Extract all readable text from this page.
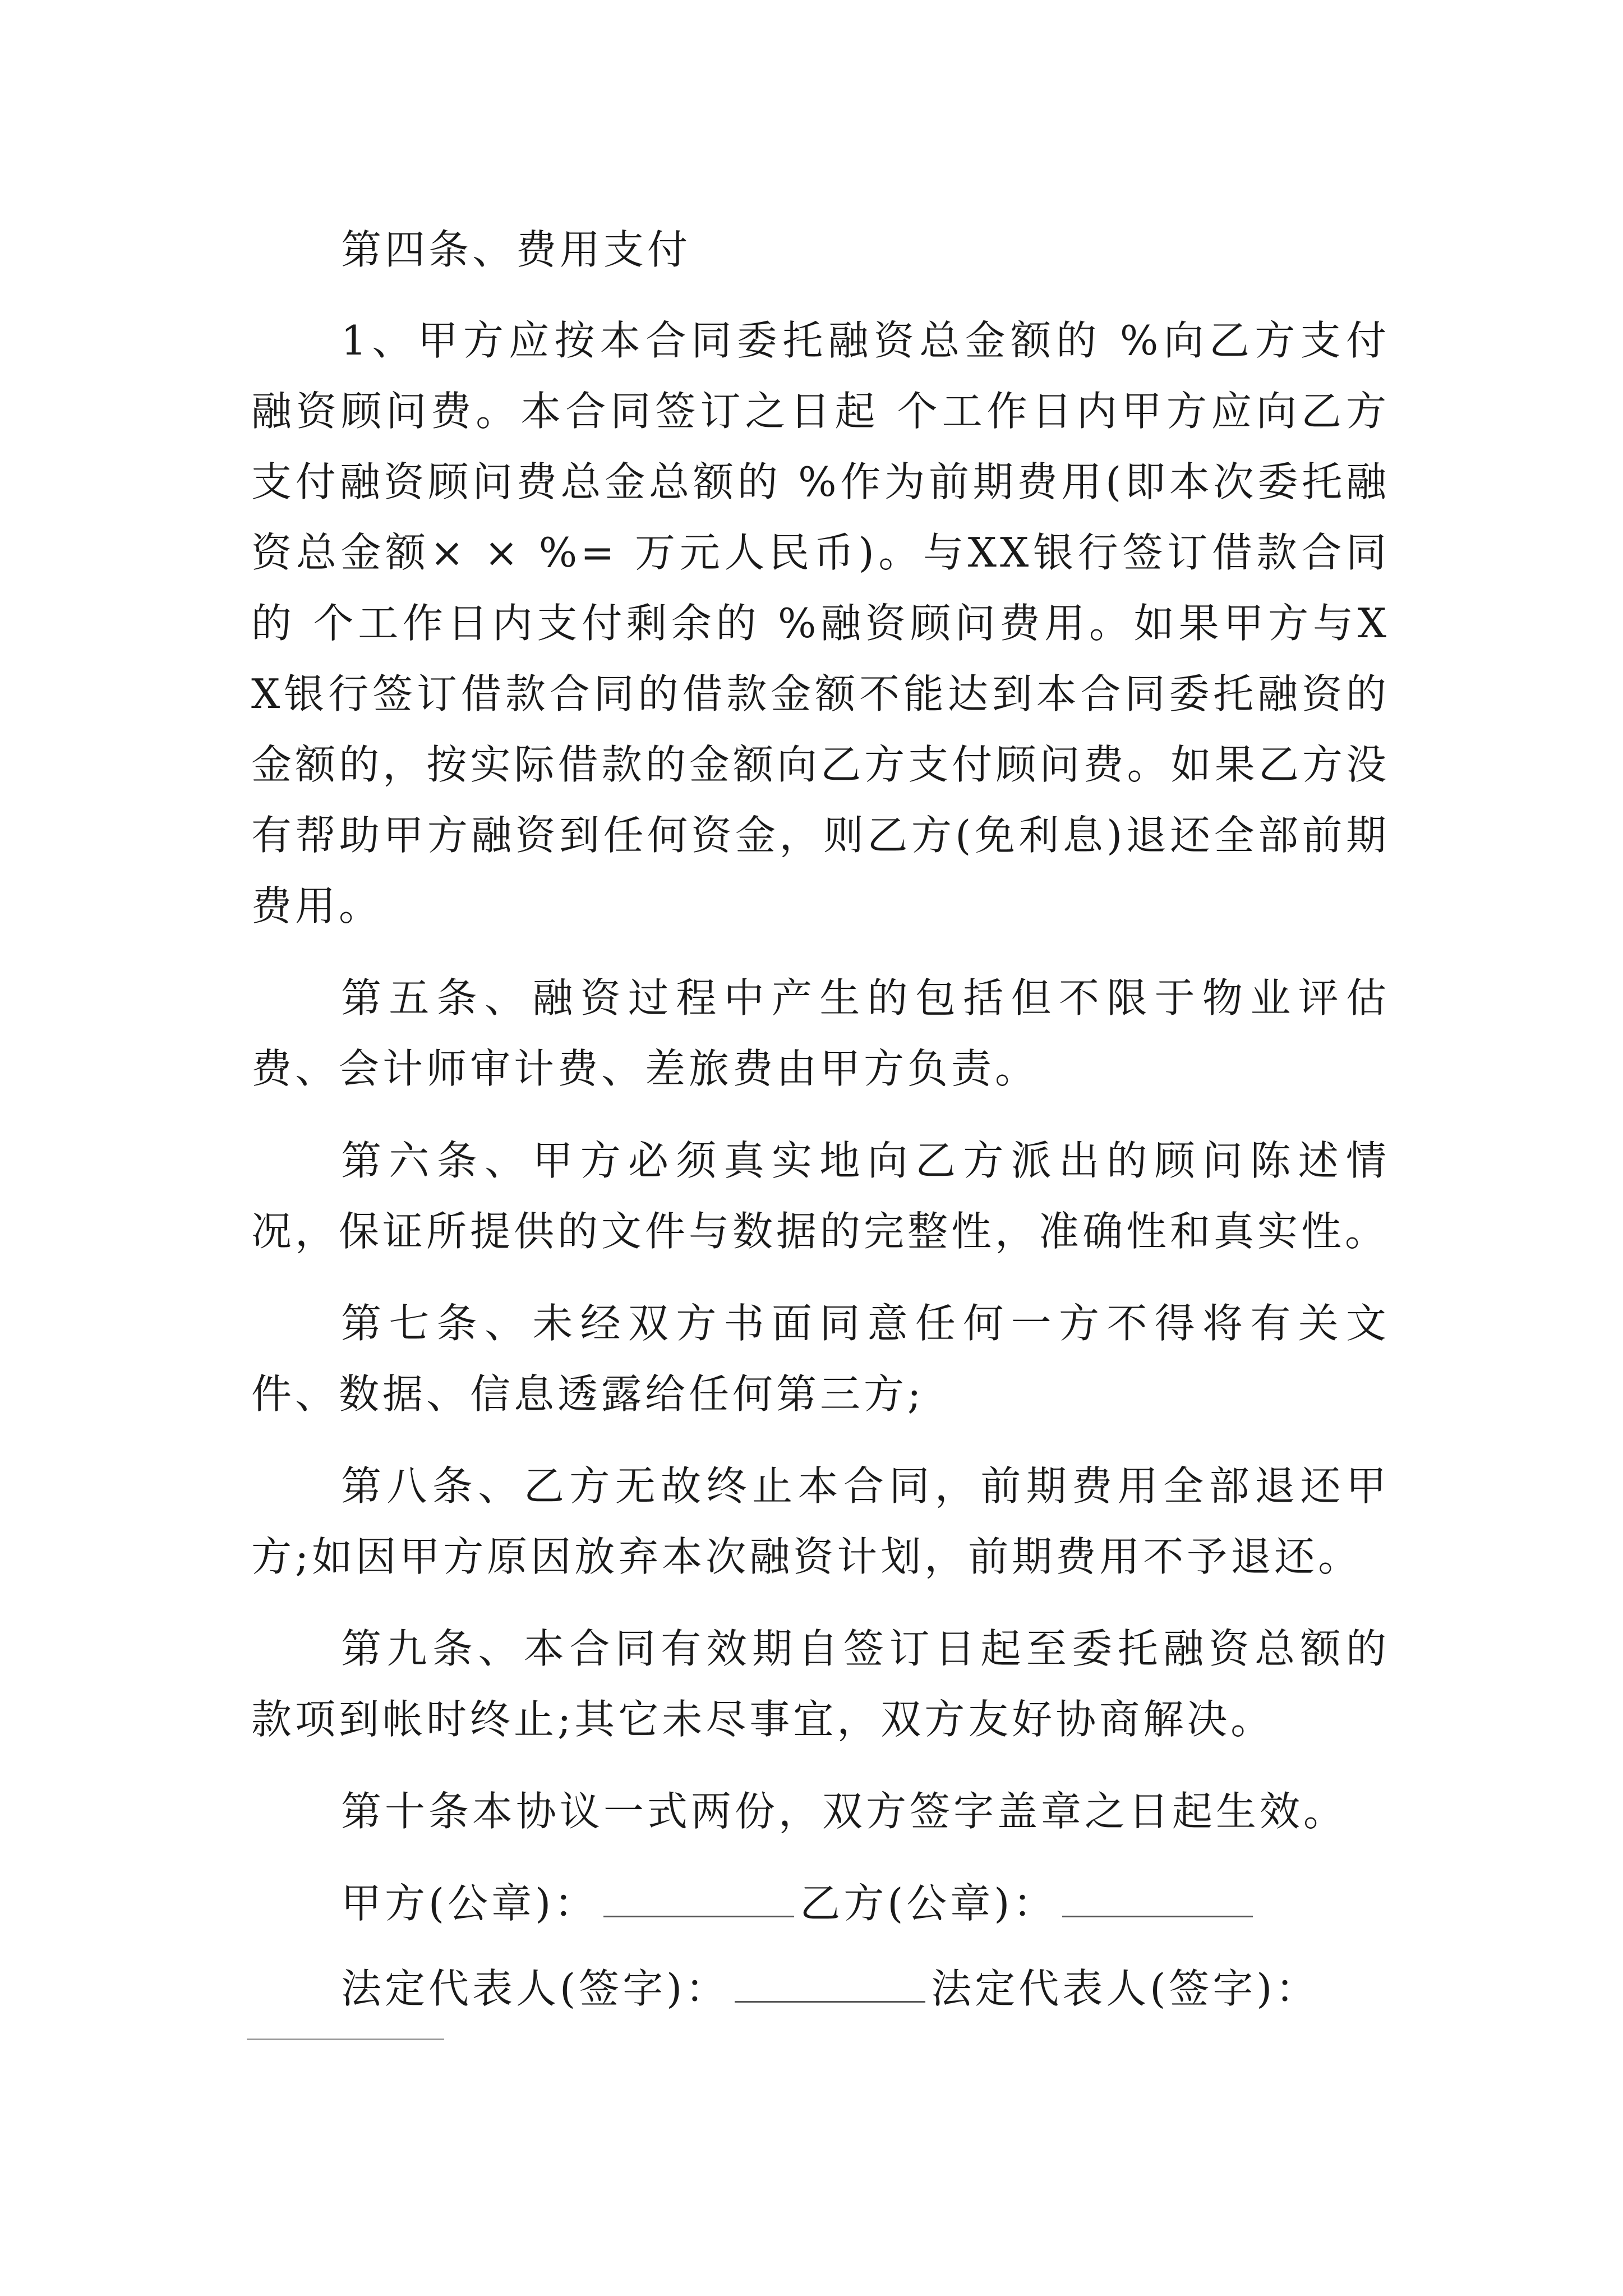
第四条、费用支付

1、甲方应按本合同委托融资总金额的 %向乙方支付融资顾问费。本合同签订之日起 个工作日内甲方应向乙方支付融资顾问费总金总额的 %作为前期费用(即本次委托融资总金额× × %= 万元人民币)。与XX银行签订借款合同的 个工作日内支付剩余的 %融资顾问费用。如果甲方与XX银行签订借款合同的借款金额不能达到本合同委托融资的金额的，按实际借款的金额向乙方支付顾问费。如果乙方没有帮助甲方融资到任何资金，则乙方(免利息)退还全部前期费用。

第五条、融资过程中产生的包括但不限于物业评估费、会计师审计费、差旅费由甲方负责。

第六条、甲方必须真实地向乙方派出的顾问陈述情况，保证所提供的文件与数据的完整性，准确性和真实性。

第七条、未经双方书面同意任何一方不得将有关文件、数据、信息透露给任何第三方;

第八条、乙方无故终止本合同，前期费用全部退还甲方;如因甲方原因放弃本次融资计划，前期费用不予退还。

第九条、本合同有效期自签订日起至委托融资总额的款项到帐时终止;其它未尽事宜，双方友好协商解决。

第十条本协议一式两份，双方签字盖章之日起生效。

甲方(公章)：	乙方(公章)：
法定代表人(签字)：	法定代表人(签字)：
